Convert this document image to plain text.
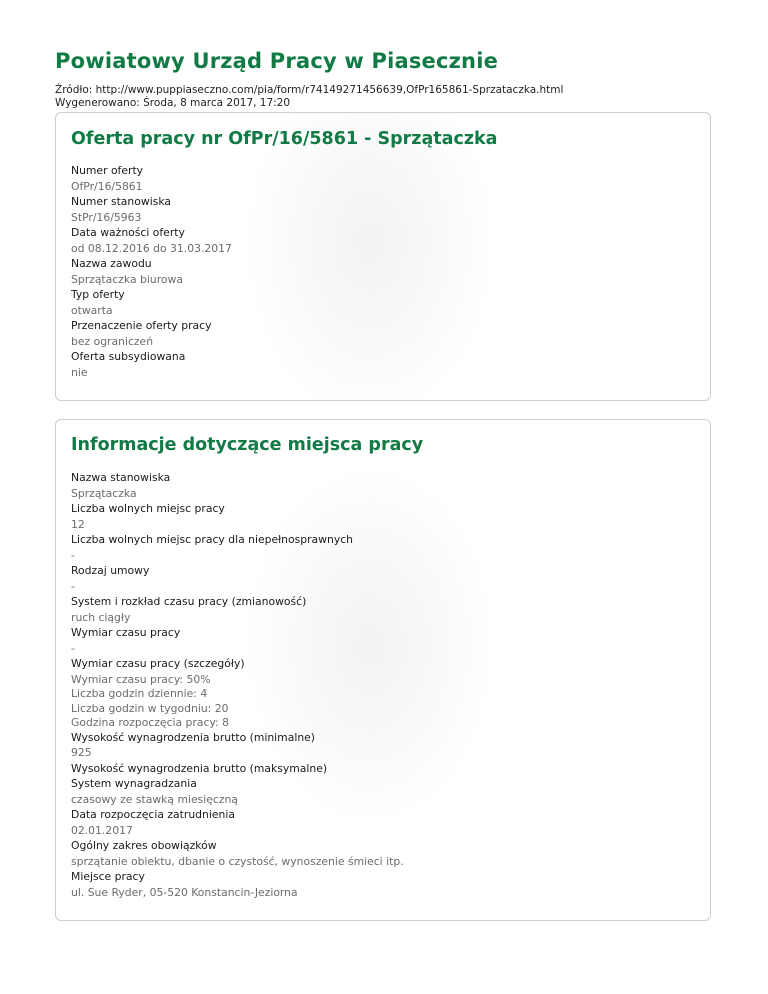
Powiatowy Urząd Pracy w Piasecznie
Źródło: http://www.puppiaseczno.com/pia/form/r74149271456639,OfPr165861-Sprzataczka.html
Wygenerowano: Środa, 8 marca 2017, 17:20
Oferta pracy nr OfPr/16/5861 - Sprzątaczka
Numer oferty
OfPr/16/5861
Numer stanowiska
StPr/16/5963
Data ważności oferty
od 08.12.2016 do 31.03.2017
Nazwa zawodu
Sprzątaczka biurowa
Typ oferty
otwarta
Przenaczenie oferty pracy
bez ograniczeń
Oferta subsydiowana
nie
Informacje dotyczące miejsca pracy
Nazwa stanowiska
Sprzątaczka
Liczba wolnych miejsc pracy
12
Liczba wolnych miejsc pracy dla niepełnosprawnych
-
Rodzaj umowy
-
System i rozkład czasu pracy (zmianowość)
ruch ciągły
Wymiar czasu pracy
-
Wymiar czasu pracy (szczegóły)
Wymiar czasu pracy: 50%
Liczba godzin dziennie: 4
Liczba godzin w tygodniu: 20
Godzina rozpoczęcia pracy: 8
Wysokość wynagrodzenia brutto (minimalne)
925
Wysokość wynagrodzenia brutto (maksymalne)
System wynagradzania
czasowy ze stawką miesięczną
Data rozpoczęcia zatrudnienia
02.01.2017
Ogólny zakres obowiązków
sprzątanie obiektu, dbanie o czystość, wynoszenie śmieci itp.
Miejsce pracy
ul. Sue Ryder, 05-520 Konstancin-Jeziorna
